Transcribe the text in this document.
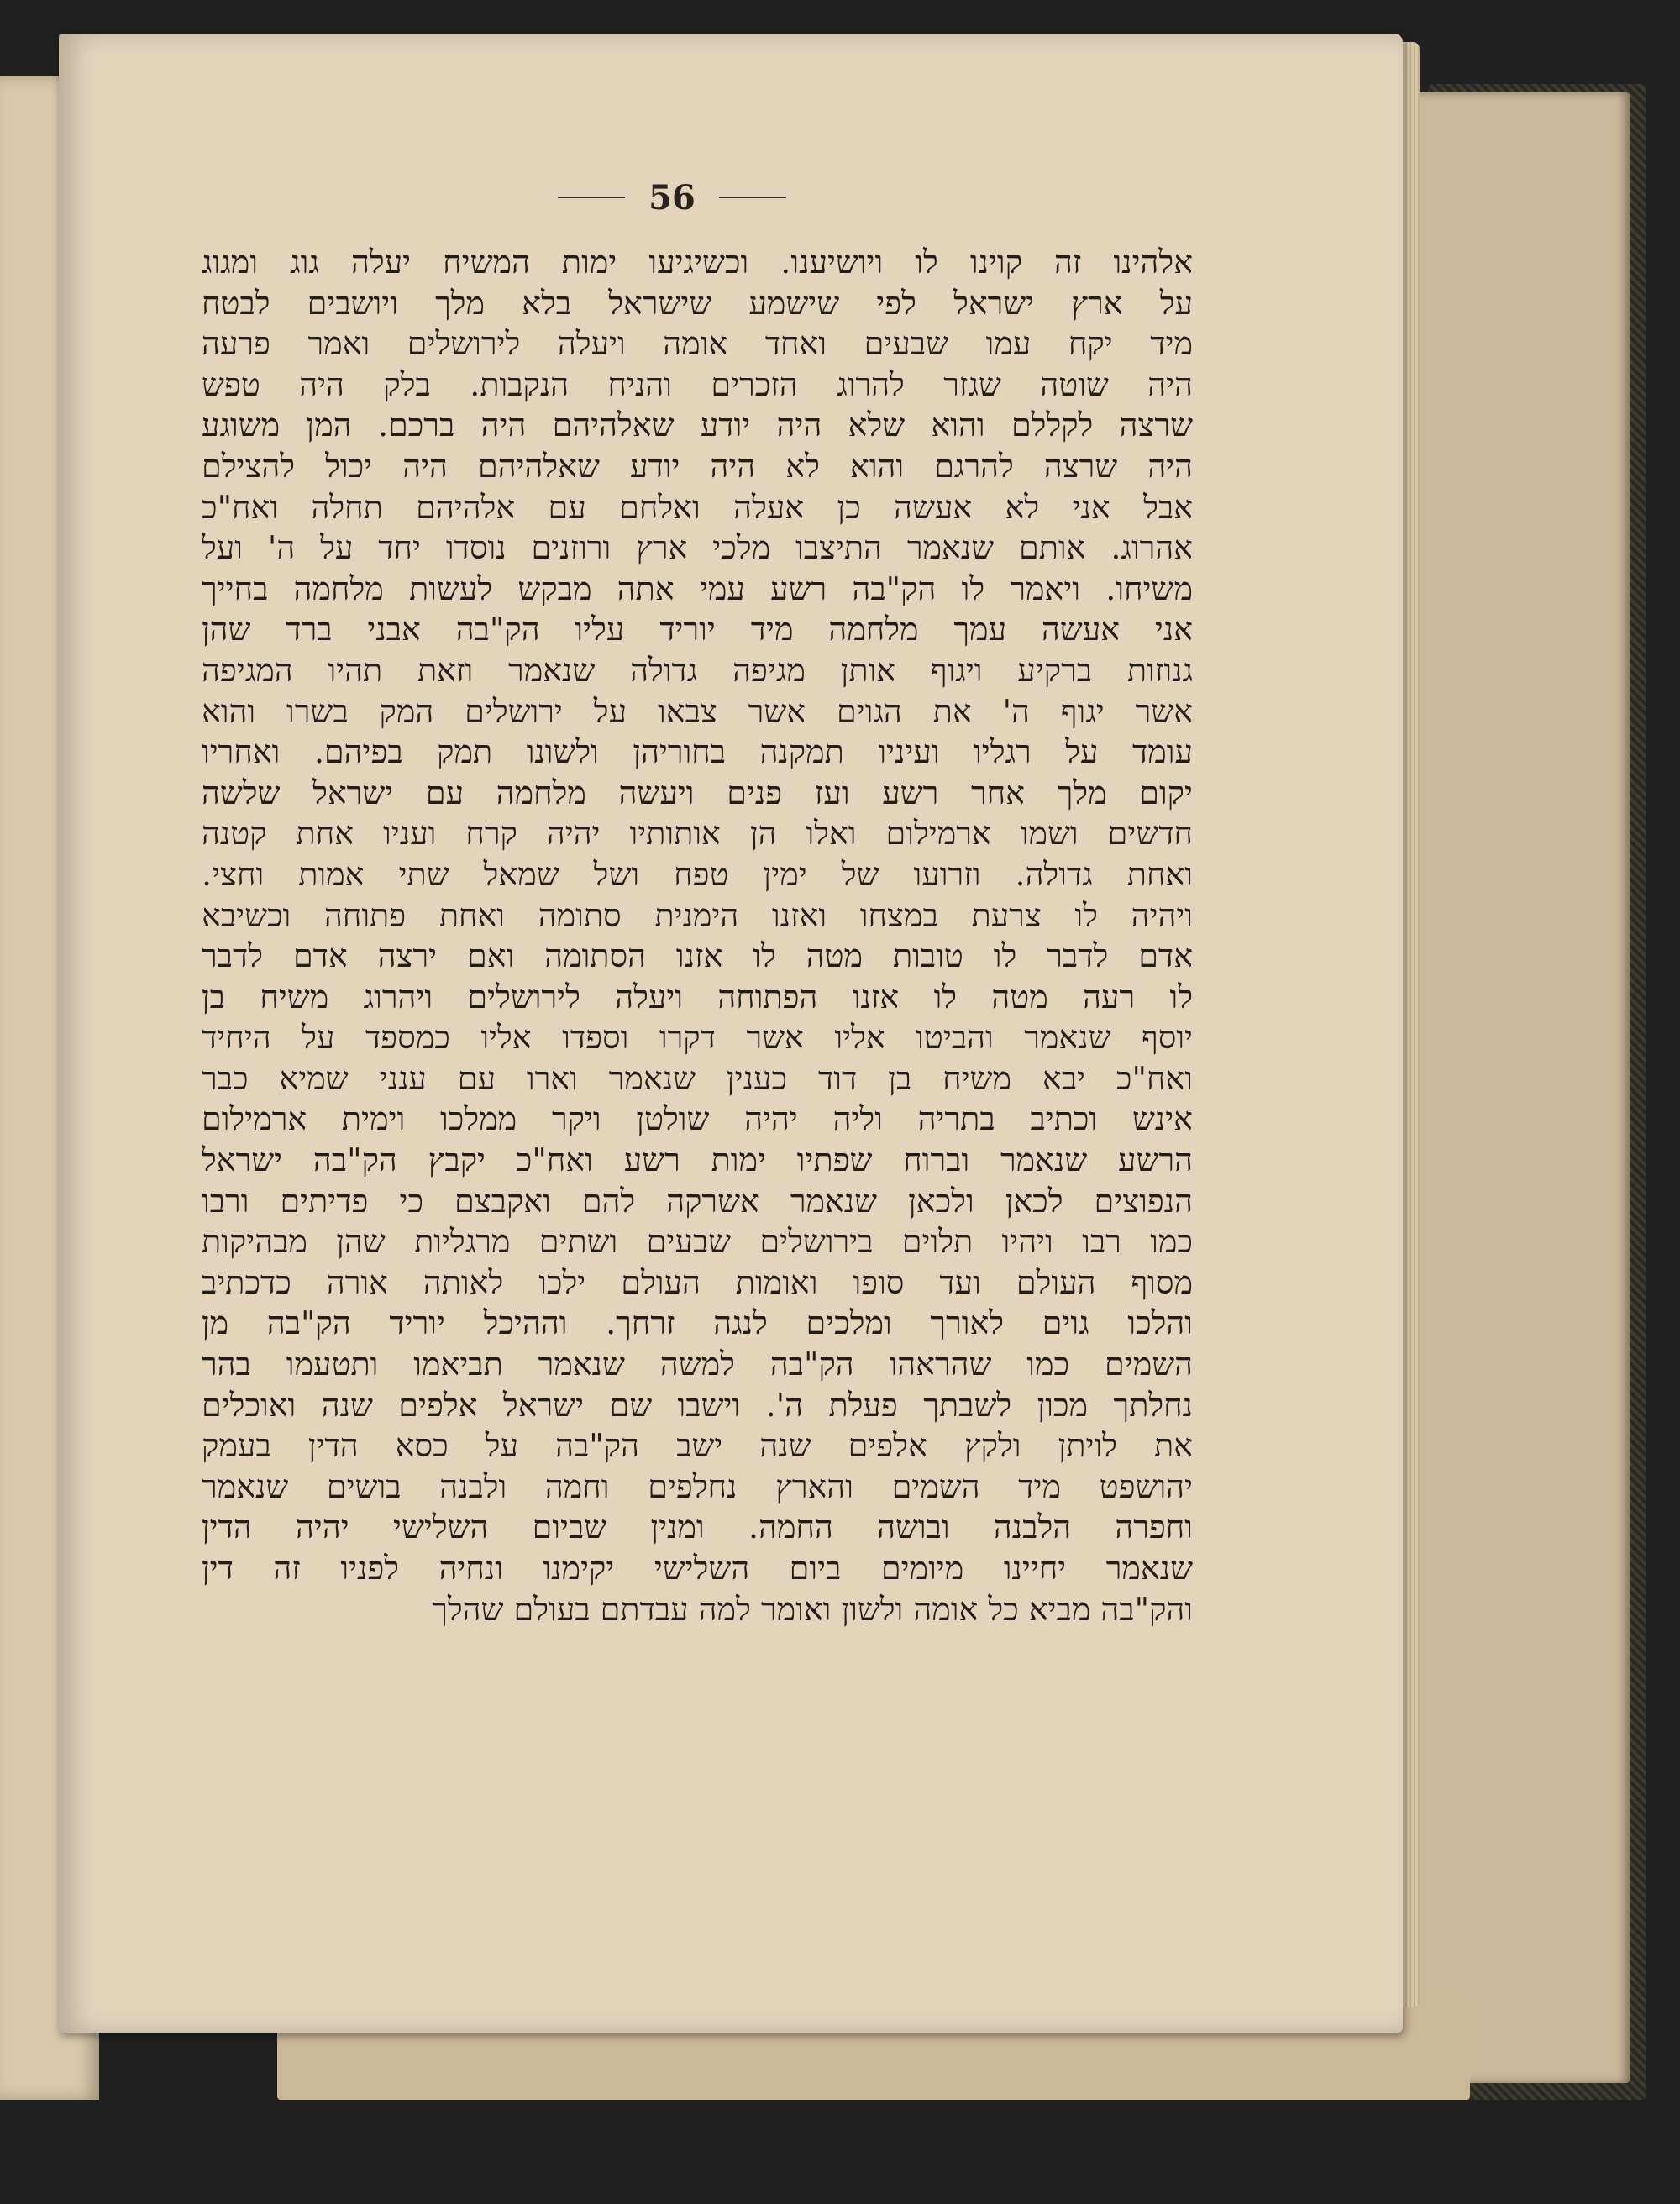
56
אלהינו זה קוינו לו ויושיענו. וכשיגיעו ימות המשיח יעלה גוג ומגוג
על ארץ ישראל לפי שישמע שישראל בלא מלך ויושבים לבטח
מיד יקח עמו שבעים ואחד אומה ויעלה לירושלים ואמר פרעה
היה שוטה שגזר להרוג הזכרים והניח הנקבות. בלק היה טפש
שרצה לקללם והוא שלא היה יודע שאלהיהם היה ברכם. המן משוגע
היה שרצה להרגם והוא לא היה יודע שאלהיהם היה יכול להצילם
אבל אני לא אעשה כן אעלה ואלחם עם אלהיהם תחלה ואח"כ
אהרוג. אותם שנאמר התיצבו מלכי ארץ ורוזנים נוסדו יחד על ה' ועל
משיחו. ויאמר לו הק"בה רשע עמי אתה מבקש לעשות מלחמה בחייך
אני אעשה עמך מלחמה מיד יוריד עליו הק"בה אבני ברד שהן
גנוזות ברקיע ויגוף אותן מגיפה גדולה שנאמר וזאת תהיו המגיפה
אשר יגוף ה' את הגוים אשר צבאו על ירושלים המק בשרו והוא
עומד על רגליו ועיניו תמקנה בחוריהן ולשונו תמק בפיהם. ואחריו
יקום מלך אחר רשע ועז פנים ויעשה מלחמה עם ישראל שלשה
חדשים ושמו ארמילום ואלו הן אותותיו יהיה קרח ועניו אחת קטנה
ואחת גדולה. וזרועו של ימין טפח ושל שמאל שתי אמות וחצי.
ויהיה לו צרעת במצחו ואזנו הימנית סתומה ואחת פתוחה וכשיבא
אדם לדבר לו טובות מטה לו אזנו הסתומה ואם ירצה אדם לדבר
לו רעה מטה לו אזנו הפתוחה ויעלה לירושלים ויהרוג משיח בן
יוסף שנאמר והביטו אליו אשר דקרו וספדו אליו כמספד על היחיד
ואח"כ יבא משיח בן דוד כענין שנאמר וארו עם ענני שמיא כבר
אינש וכתיב בתריה וליה יהיה שולטן ויקר ממלכו וימית ארמילום
הרשע שנאמר וברוח שפתיו ימות רשע ואח"כ יקבץ הק"בה ישראל
הנפוצים לכאן ולכאן שנאמר אשרקה להם ואקבצם כי פדיתים ורבו
כמו רבו ויהיו תלוים בירושלים שבעים ושתים מרגליות שהן מבהיקות
מסוף העולם ועד סופו ואומות העולם ילכו לאותה אורה כדכתיב
והלכו גוים לאורך ומלכים לנגה זרחך. וההיכל יוריד הק"בה מן
השמים כמו שהראהו הק"בה למשה שנאמר תביאמו ותטעמו בהר
נחלתך מכון לשבתך פעלת ה'. וישבו שם ישראל אלפים שנה ואוכלים
את לויתן ולקץ אלפים שנה ישב הק"בה על כסא הדין בעמק
יהושפט מיד השמים והארץ נחלפים וחמה ולבנה בושים שנאמר
וחפרה הלבנה ובושה החמה. ומנין שביום השלישי יהיה הדין
שנאמר יחיינו מיומים ביום השלישי יקימנו ונחיה לפניו זה דין
והק"בה מביא כל אומה ולשון ואומר למה עבדתם בעולם שהלך
